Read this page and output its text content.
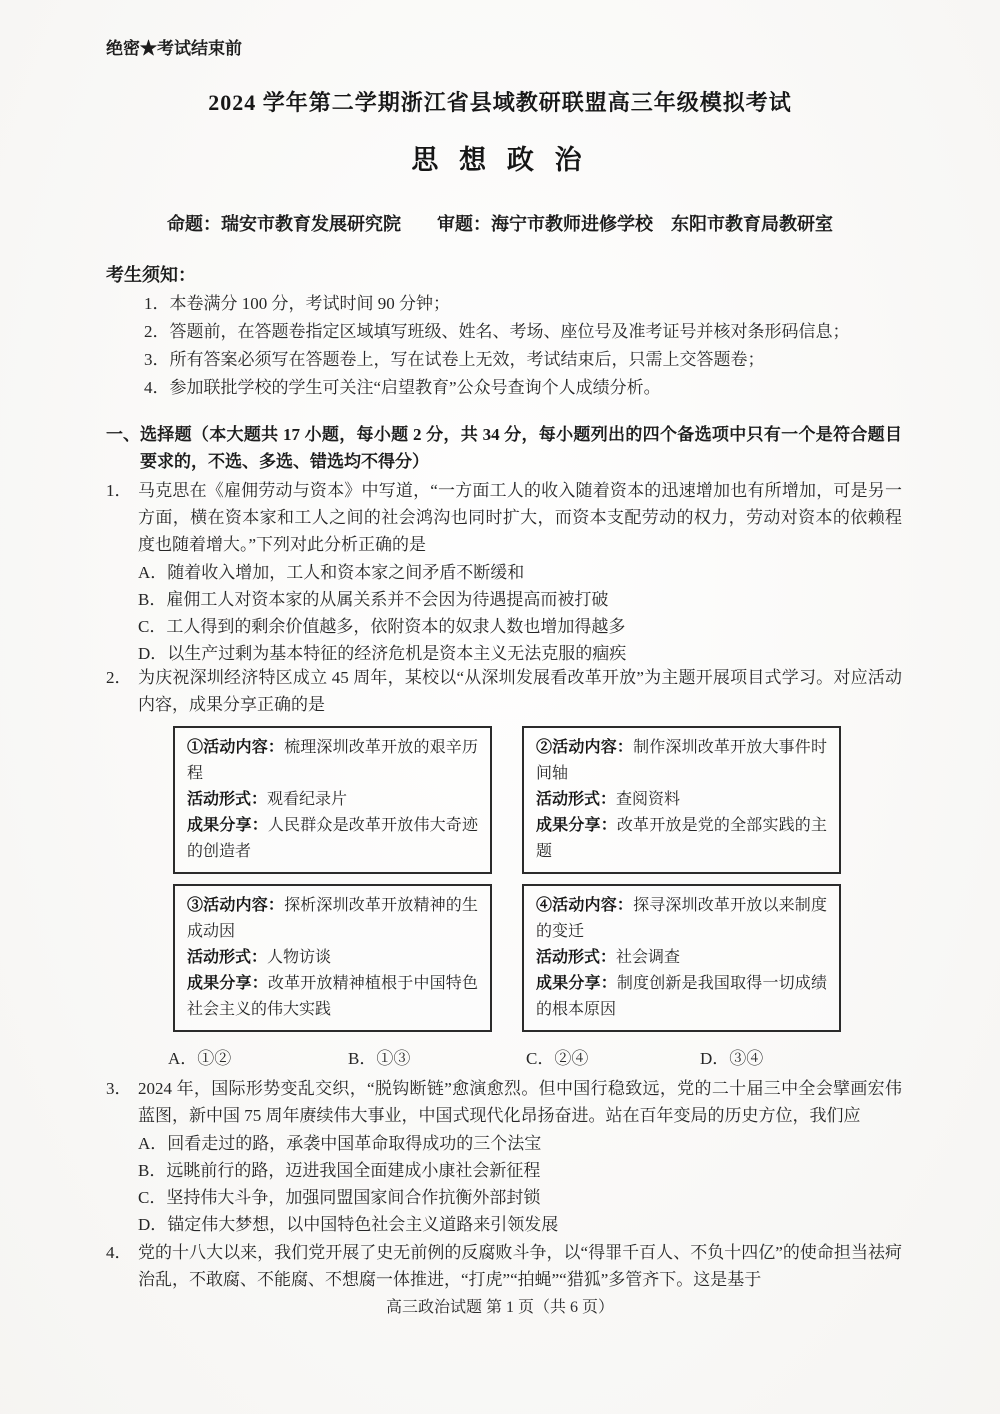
绝密★考试结束前
2024 学年第二学期浙江省县域教研联盟高三年级模拟考试
思 想 政 治
命题：瑞安市教育发展研究院　　审题：海宁市教师进修学校　东阳市教育局教研室
考生须知：
1．本卷满分 100 分，考试时间 90 分钟；
2．答题前，在答题卷指定区域填写班级、姓名、考场、座位号及准考证号并核对条形码信息；
3．所有答案必须写在答题卷上，写在试卷上无效，考试结束后，只需上交答题卷；
4．参加联批学校的学生可关注“启望教育”公众号查询个人成绩分析。
一、 选择题（本大题共 17 小题，每小题 2 分，共 34 分，每小题列出的四个备选项中只有一个是符合题目要求的，不选、多选、错选均不得分）
1． 马克思在《雇佣劳动与资本》中写道，“一方面工人的收入随着资本的迅速增加也有所增加，可是另一方面，横在资本家和工人之间的社会鸿沟也同时扩大，而资本支配劳动的权力，劳动对资本的依赖程度也随着增大。”下列对此分析正确的是
A．随着收入增加，工人和资本家之间矛盾不断缓和
B．雇佣工人对资本家的从属关系并不会因为待遇提高而被打破
C．工人得到的剩余价值越多，依附资本的奴隶人数也增加得越多
D．以生产过剩为基本特征的经济危机是资本主义无法克服的痼疾
2． 为庆祝深圳经济特区成立 45 周年，某校以“从深圳发展看改革开放”为主题开展项目式学习。对应活动内容，成果分享正确的是

①活动内容：梳理深圳改革开放的艰辛历程

活动形式：观看纪录片

成果分享：人民群众是改革开放伟大奇迹的创造者

②活动内容：制作深圳改革开放大事件时间轴

活动形式：查阅资料

成果分享：改革开放是党的全部实践的主题

③活动内容：探析深圳改革开放精神的生成动因

活动形式：人物访谈

成果分享：改革开放精神植根于中国特色社会主义的伟大实践

④活动内容：探寻深圳改革开放以来制度的变迁

活动形式：社会调查

成果分享：制度创新是我国取得一切成绩的根本原因

A．①②	B．①③	C．②④	D．③④
3． 2024 年，国际形势变乱交织，“脱钩断链”愈演愈烈。但中国行稳致远，党的二十届三中全会擘画宏伟蓝图，新中国 75 周年赓续伟大事业，中国式现代化昂扬奋进。站在百年变局的历史方位，我们应
A．回看走过的路，承袭中国革命取得成功的三个法宝
B．远眺前行的路，迈进我国全面建成小康社会新征程
C．坚持伟大斗争，加强同盟国家间合作抗衡外部封锁
D．锚定伟大梦想，以中国特色社会主义道路来引领发展
4． 党的十八大以来，我们党开展了史无前例的反腐败斗争，以“得罪千百人、不负十四亿”的使命担当祛疴治乱，不敢腐、不能腐、不想腐一体推进，“打虎”“拍蝇”“猎狐”多管齐下。这是基于
高三政治试题 第 1 页（共 6 页）
